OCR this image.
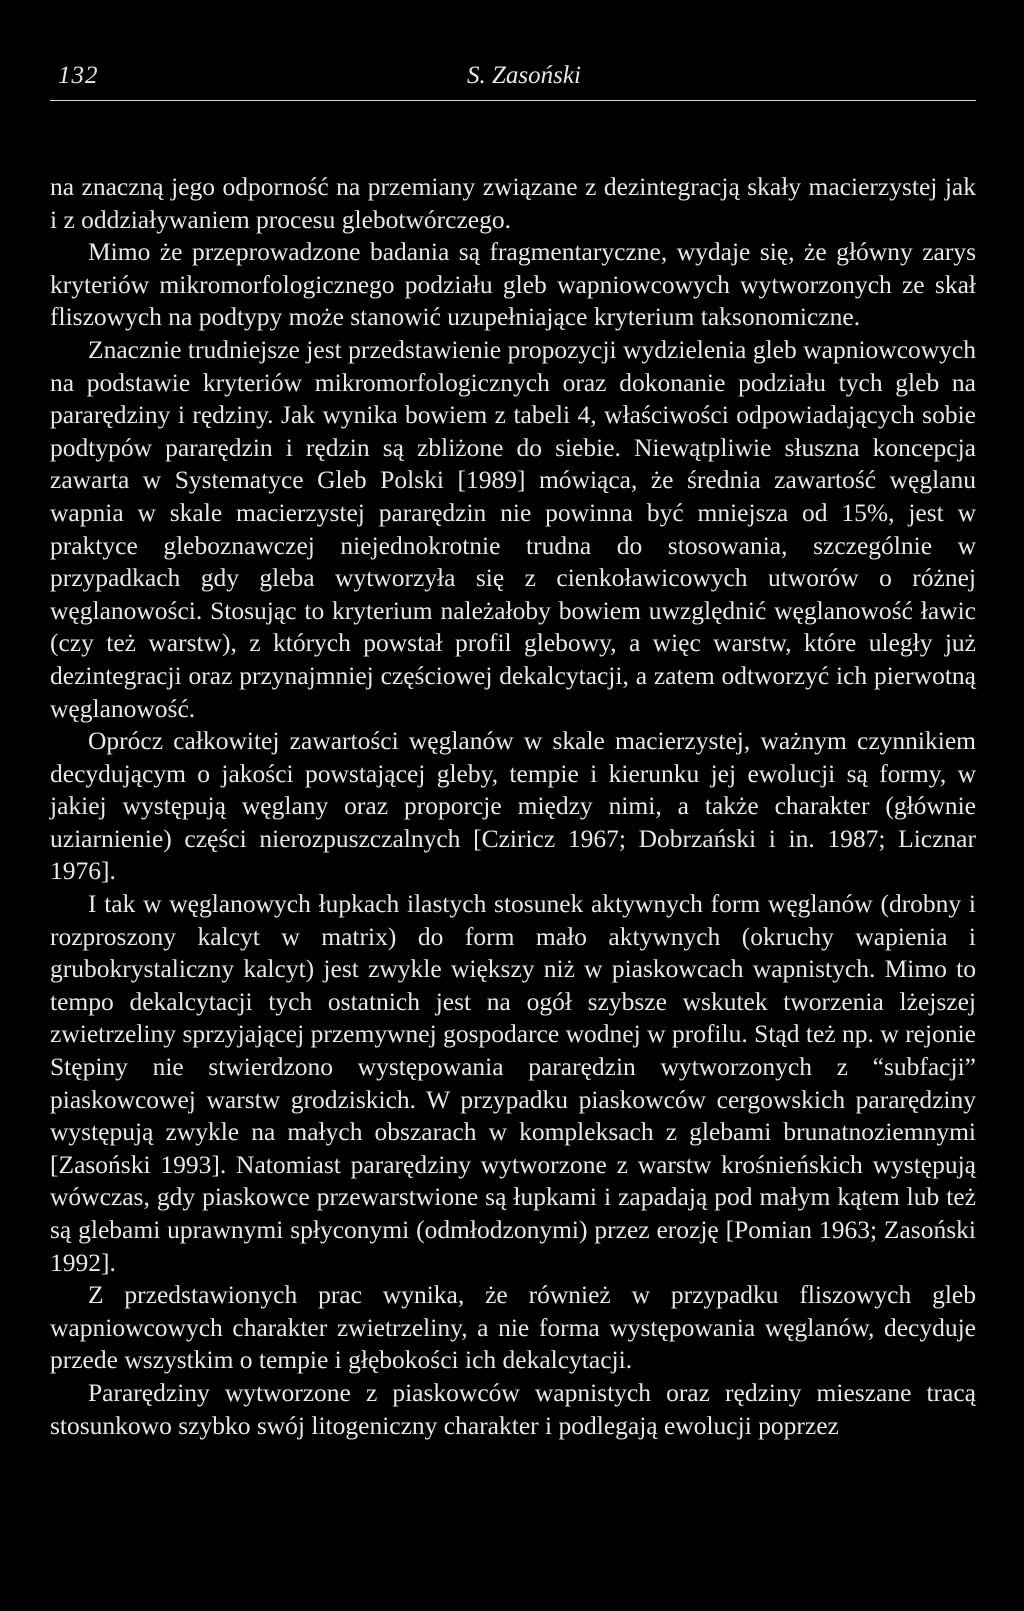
132	S. Zasoński

na znaczną jego odporność na przemiany związane z dezintegracją skały macierzystej jak i z oddziaływaniem procesu glebotwórczego.

Mimo że przeprowadzone badania są fragmentaryczne, wydaje się, że główny zarys kryteriów mikromorfologicznego podziału gleb wapniowcowych wytworzonych ze skał fliszowych na podtypy może stanowić uzupełniające kryterium taksonomiczne.

Znacznie trudniejsze jest przedstawienie propozycji wydzielenia gleb wapniowcowych na podstawie kryteriów mikromorfologicznych oraz dokonanie podziału tych gleb na pararędziny i rędziny. Jak wynika bowiem z tabeli 4, właściwości odpowiadających sobie podtypów pararędzin i rędzin są zbliżone do siebie. Niewątpliwie słuszna koncepcja zawarta w Systematyce Gleb Polski [1989] mówiąca, że średnia zawartość węglanu wapnia w skale macierzystej pararędzin nie powinna być mniejsza od 15%, jest w praktyce gleboznawczej niejednokrotnie trudna do stosowania, szczególnie w przypadkach gdy gleba wytworzyła się z cienkoławicowych utworów o różnej węglanowości. Stosując to kryterium należałoby bowiem uwzględnić węglanowość ławic (czy też warstw), z których powstał profil glebowy, a więc warstw, które uległy już dezintegracji oraz przynajmniej częściowej dekalcytacji, a zatem odtworzyć ich pierwotną węglanowość.

Oprócz całkowitej zawartości węglanów w skale macierzystej, ważnym czynnikiem decydującym o jakości powstającej gleby, tempie i kierunku jej ewolucji są formy, w jakiej występują węglany oraz proporcje między nimi, a także charakter (głównie uziarnienie) części nierozpuszczalnych [Cziricz 1967; Dobrzański i in. 1987; Licznar 1976].

I tak w węglanowych łupkach ilastych stosunek aktywnych form węglanów (drobny i rozproszony kalcyt w matrix) do form mało aktywnych (okruchy wapienia i grubokrystaliczny kalcyt) jest zwykle większy niż w piaskowcach wapnistych. Mimo to tempo dekalcytacji tych ostatnich jest na ogół szybsze wskutek tworzenia lżejszej zwietrzeliny sprzyjającej przemywnej gospodarce wodnej w profilu. Stąd też np. w rejonie Stępiny nie stwierdzono występowania pararędzin wytworzonych z “subfacji” piaskowcowej warstw grodziskich. W przypadku piaskowców cergowskich pararędziny występują zwykle na małych obszarach w kompleksach z glebami brunatnoziemnymi [Zasoński 1993]. Natomiast pararędziny wytworzone z warstw krośnieńskich występują wówczas, gdy piaskowce przewarstwione są łupkami i zapadają pod małym kątem lub też są glebami uprawnymi spłyconymi (odmłodzonymi) przez erozję [Pomian 1963; Zasoński 1992].

Z przedstawionych prac wynika, że również w przypadku fliszowych gleb wapniowcowych charakter zwietrzeliny, a nie forma występowania węglanów, decyduje przede wszystkim o tempie i głębokości ich dekalcytacji.

Pararędziny wytworzone z piaskowców wapnistych oraz rędziny mieszane tracą stosunkowo szybko swój litogeniczny charakter i podlegają ewolucji poprzez
